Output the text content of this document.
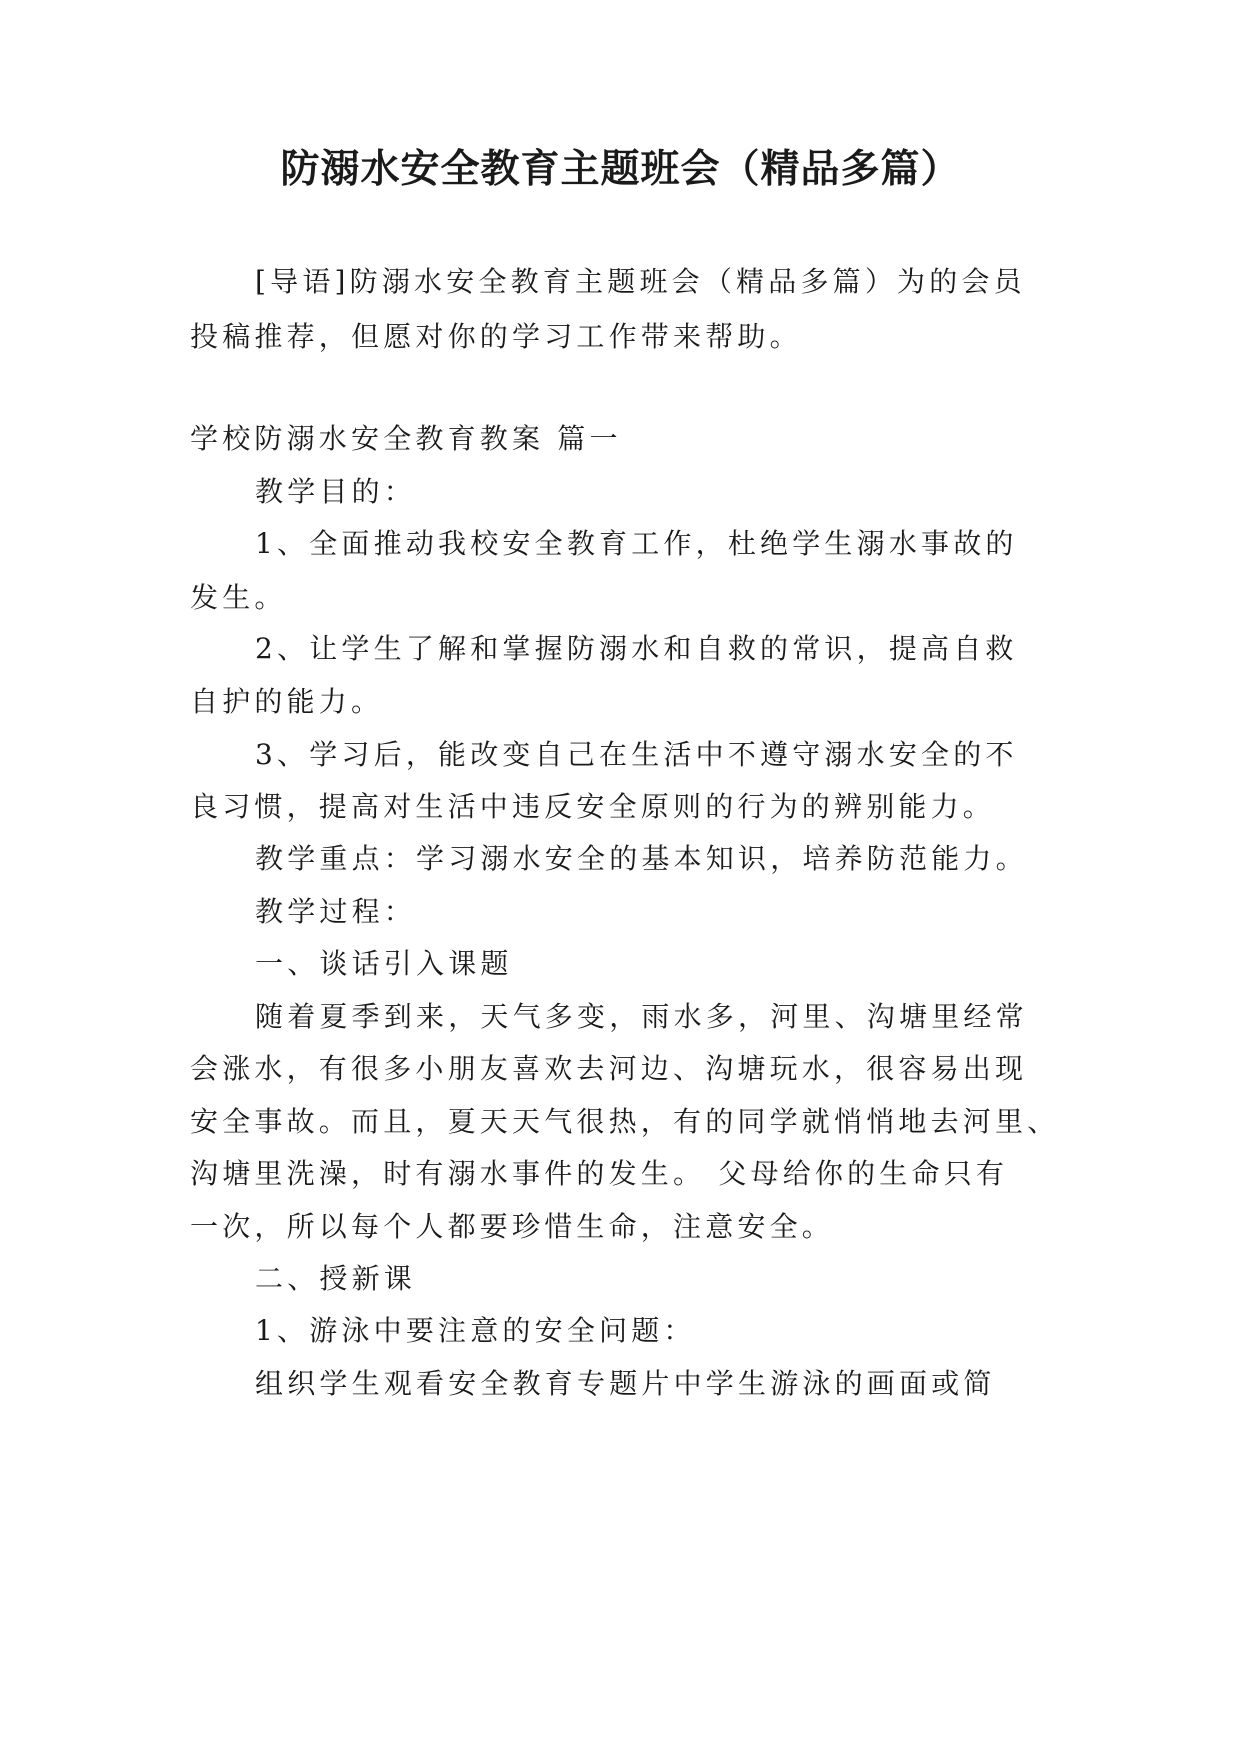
防溺水安全教育主题班会（精品多篇）

[导语]防溺水安全教育主题班会（精品多篇）为的会员

投稿推荐，但愿对你的学习工作带来帮助。

学校防溺水安全教育教案 篇一

教学目的：

1、全面推动我校安全教育工作，杜绝学生溺水事故的

发生。

2、让学生了解和掌握防溺水和自救的常识，提高自救

自护的能力。

3、学习后，能改变自己在生活中不遵守溺水安全的不

良习惯，提高对生活中违反安全原则的行为的辨别能力。

教学重点：学习溺水安全的基本知识，培养防范能力。

教学过程：

一、谈话引入课题

随着夏季到来，天气多变，雨水多，河里、沟塘里经常

会涨水，有很多小朋友喜欢去河边、沟塘玩水，很容易出现

安全事故。而且，夏天天气很热，有的同学就悄悄地去河里、

沟塘里洗澡，时有溺水事件的发生。 父母给你的生命只有

一次，所以每个人都要珍惜生命，注意安全。

二、授新课

1、游泳中要注意的安全问题：

组织学生观看安全教育专题片中学生游泳的画面或简
